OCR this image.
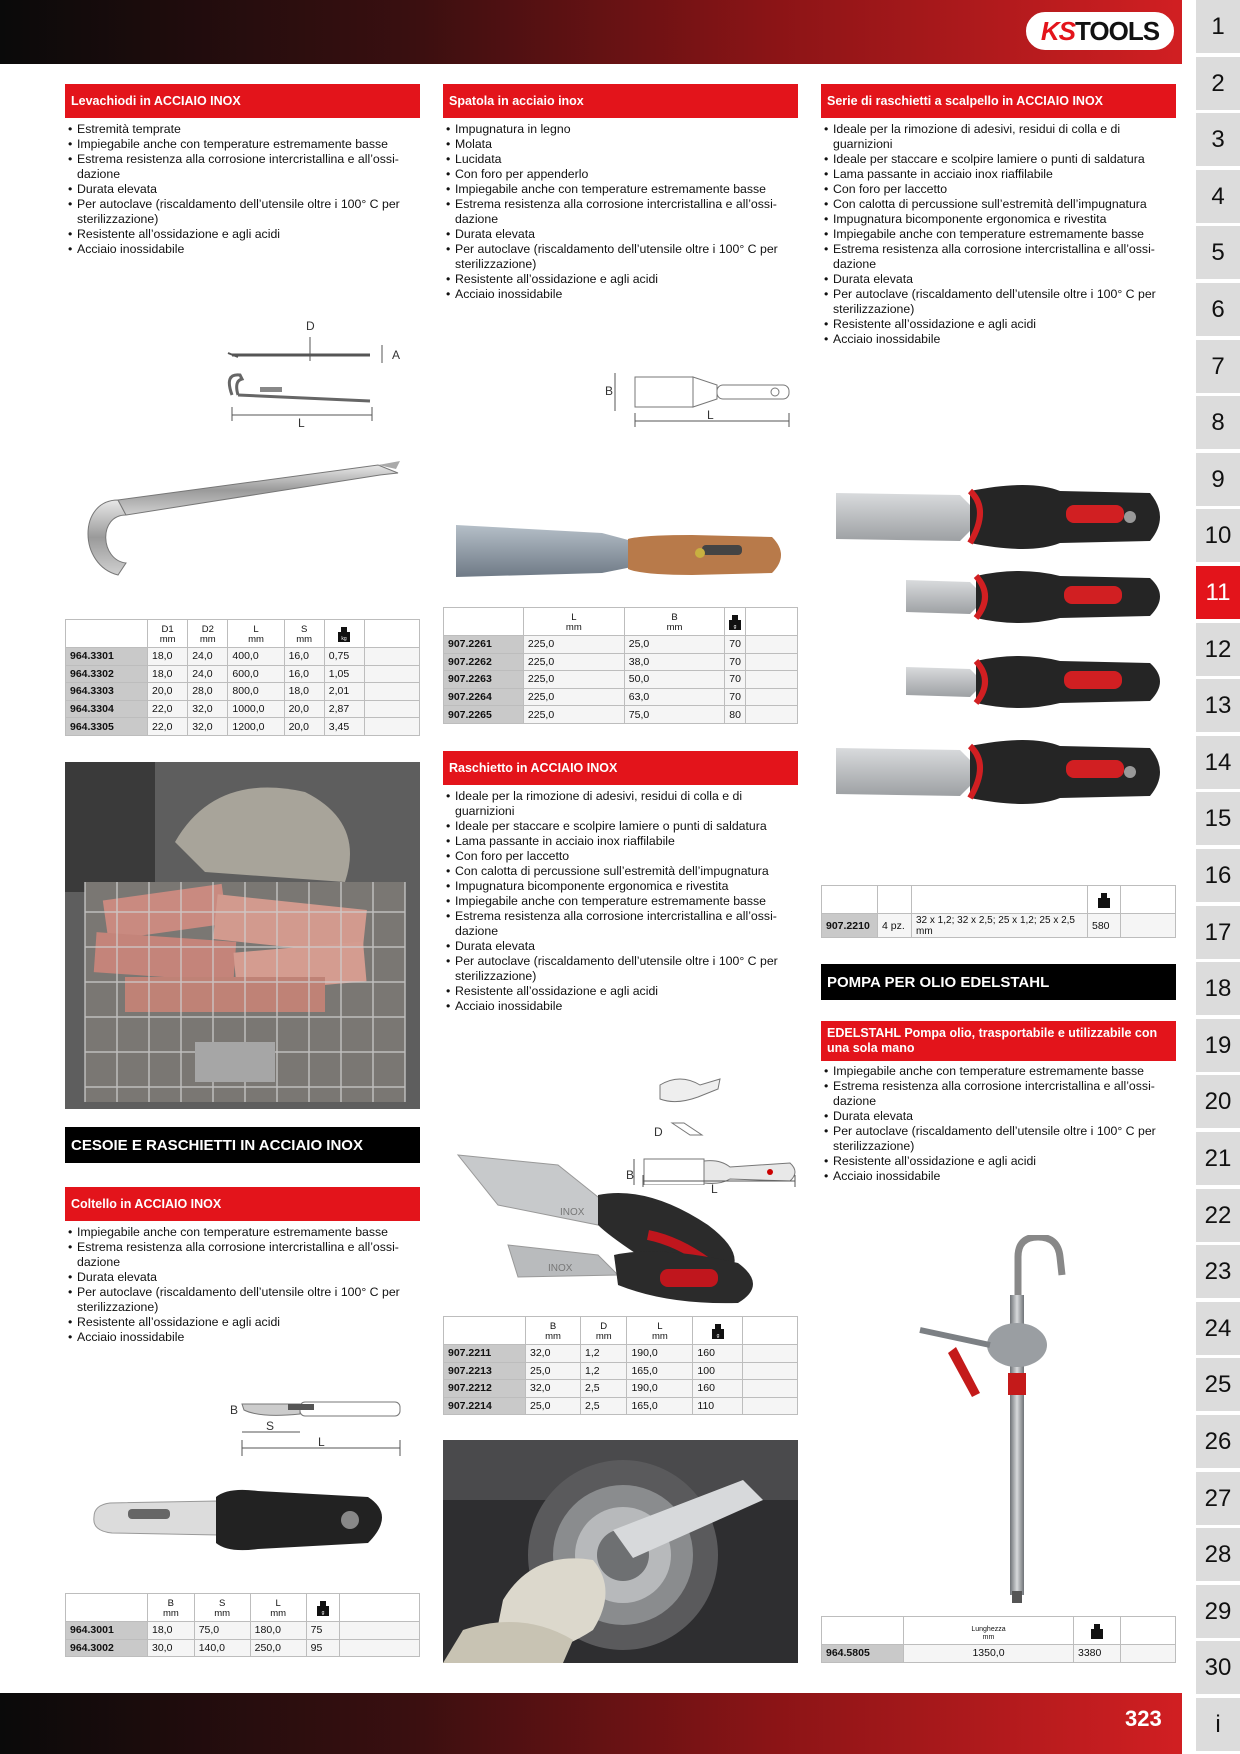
KSTOOLS
323
1
2
3
4
5
6
7
8
9
10
11
12
13
14
15
16
17
18
19
20
21
22
23
24
25
26
27
28
29
30
i
Levachiodi in ACCIAIO INOX
• Estremità temprate
• Impiegabile anche con temperature estremamente basse
• Estrema resistenza alla corrosione intercristallina e all’ossi-dazione
• Durata elevata
• Per autoclave (riscaldamento dell’utensile oltre i 100° C per sterilizzazione)
• Resistente all’ossidazione e agli acidi
• Acciaio inossidabile
D
A
L
	D1
mm	D2
mm	L
mm	S
mm	kg	

964.3301	18,0	24,0	400,0	16,0	0,75	
964.3302	18,0	24,0	600,0	16,0	1,05	
964.3303	20,0	28,0	800,0	18,0	2,01	
964.3304	22,0	32,0	1000,0	20,0	2,87	
964.3305	22,0	32,0	1200,0	20,0	3,45	
CESOIE E RASCHIETTI IN ACCIAIO INOX
Coltello in ACCIAIO INOX
• Impiegabile anche con temperature estremamente basse
• Estrema resistenza alla corrosione intercristallina e all’ossi-dazione
• Durata elevata
• Per autoclave (riscaldamento dell’utensile oltre i 100° C per sterilizzazione)
• Resistente all’ossidazione e agli acidi
• Acciaio inossidabile
B
S
L
	B
mm	S
mm	L
mm	g	

964.3001	18,0	75,0	180,0	75	
964.3002	30,0	140,0	250,0	95	
Spatola in acciaio inox
• Impugnatura in legno
• Molata
• Lucidata
• Con foro per appenderlo
• Impiegabile anche con temperature estremamente basse
• Estrema resistenza alla corrosione intercristallina e all’ossi-dazione
• Durata elevata
• Per autoclave (riscaldamento dell’utensile oltre i 100° C per sterilizzazione)
• Resistente all’ossidazione e agli acidi
• Acciaio inossidabile
B
L
	L
mm	B
mm	g	

907.2261	225,0	25,0	70	
907.2262	225,0	38,0	70	
907.2263	225,0	50,0	70	
907.2264	225,0	63,0	70	
907.2265	225,0	75,0	80	
Raschietto in ACCIAIO INOX
• Ideale per la rimozione di adesivi, residui di colla e di guarnizioni
• Ideale per staccare e scolpire lamiere o punti di saldatura
• Lama passante in acciaio inox riaffilabile
• Con foro per laccetto
• Con calotta di percussione sull’estremità dell’impugnatura
• Impugnatura bicomponente ergonomica e rivestita
• Impiegabile anche con temperature estremamente basse
• Estrema resistenza alla corrosione intercristallina e all’ossi-dazione
• Durata elevata
• Per autoclave (riscaldamento dell’utensile oltre i 100° C per sterilizzazione)
• Resistente all’ossidazione e agli acidi
• Acciaio inossidabile
D
B
L
INOX
INOX
	B
mm	D
mm	L
mm	g	

907.2211	32,0	1,2	190,0	160	
907.2213	25,0	1,2	165,0	100	
907.2212	32,0	2,5	190,0	160	
907.2214	25,0	2,5	165,0	110	
Serie di raschietti a scalpello in ACCIAIO INOX
• Ideale per la rimozione di adesivi, residui di colla e di guarnizioni
• Ideale per staccare e scolpire lamiere o punti di saldatura
• Lama passante in acciaio inox riaffilabile
• Con foro per laccetto
• Con calotta di percussione sull’estremità dell’impugnatura
• Impugnatura bicomponente ergonomica e rivestita
• Impiegabile anche con temperature estremamente basse
• Estrema resistenza alla corrosione intercristallina e all’ossi-dazione
• Durata elevata
• Per autoclave (riscaldamento dell’utensile oltre i 100° C per sterilizzazione)
• Resistente all’ossidazione e agli acidi
• Acciaio inossidabile

907.2210	4 pz.	32 x 1,2; 32 x 2,5; 25 x 1,2; 25 x 2,5 mm	580	
POMPA PER OLIO EDELSTAHL
EDELSTAHL Pompa olio, trasportabile e utilizzabile con una sola mano
• Impiegabile anche con temperature estremamente basse
• Estrema resistenza alla corrosione intercristallina e all’ossi-dazione
• Durata elevata
• Per autoclave (riscaldamento dell’utensile oltre i 100° C per sterilizzazione)
• Resistente all’ossidazione e agli acidi
• Acciaio inossidabile
	Lunghezza
mm		
964.5805	1350,0	3380	
